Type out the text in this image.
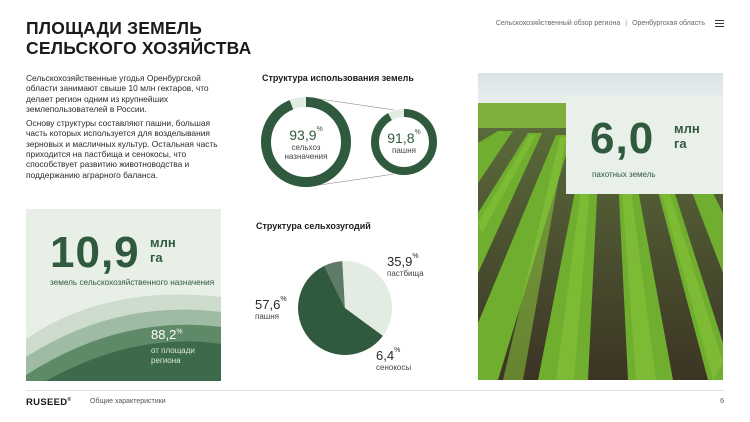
ПЛОЩАДИ ЗЕМЕЛЬ
СЕЛЬСКОГО ХОЗЯЙСТВА
Сельскохозяйственный обзор региона | Оренбургская область

Сельскохозяйственные угодья Оренбургской области занимают свыше 10 млн гектаров, что делает регион одним из крупнейших землепользователей в России.

Основу структуры составляют пашни, большая часть которых используется для возделывания зерновых и масличных культур. Остальная часть приходится на пастбища и сенокосы, что способствует развитию животноводства и поддержанию аграрного баланса.

10,9 млн
га
земель сельскохозяйственного назначения
88,2%
от площади региона
Структура использования земель
93,9%
сельхоз
назначения
91,8%
пашня
Структура сельхозугодий
35,9%
пастбища
57,6%
пашня
6,4%
сенокосы
6,0 млн
га
пахотных земель
RUSEED®	Общие характеристики	6
